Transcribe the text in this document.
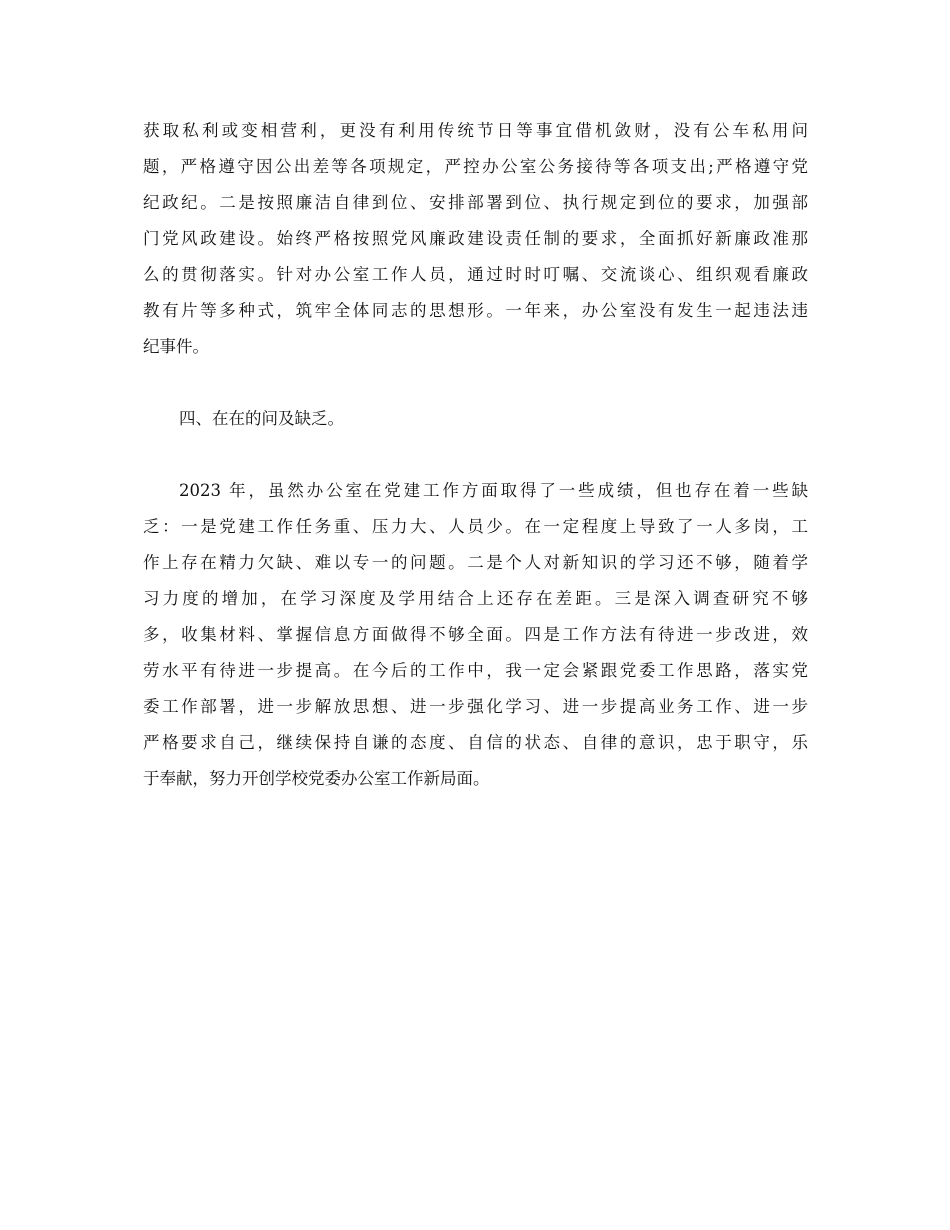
获取私利或变相营利，更没有利用传统节日等事宜借机敛财，没有公车私用问
题，严格遵守因公出差等各项规定，严控办公室公务接待等各项支出;严格遵守党
纪政纪。二是按照廉洁自律到位、安排部署到位、执行规定到位的要求，加强部
门党风政建设。始终严格按照党风廉政建设责任制的要求，全面抓好新廉政准那
么的贯彻落实。针对办公室工作人员，通过时时叮嘱、交流谈心、组织观看廉政
教有片等多种式，筑牢全体同志的思想形。一年来，办公室没有发生一起违法违
纪事件。
四、在在的问及缺乏。
2023 年，虽然办公室在党建工作方面取得了一些成绩，但也存在着一些缺
乏：一是党建工作任务重、压力大、人员少。在一定程度上导致了一人多岗，工
作上存在精力欠缺、难以专一的问题。二是个人对新知识的学习还不够，随着学
习力度的增加，在学习深度及学用结合上还存在差距。三是深入调查研究不够
多，收集材料、掌握信息方面做得不够全面。四是工作方法有待进一步改进，效
劳水平有待进一步提高。在今后的工作中，我一定会紧跟党委工作思路，落实党
委工作部署，进一步解放思想、进一步强化学习、进一步提高业务工作、进一步
严格要求自己，继续保持自谦的态度、自信的状态、自律的意识，忠于职守，乐
于奉献，努力开创学校党委办公室工作新局面。
